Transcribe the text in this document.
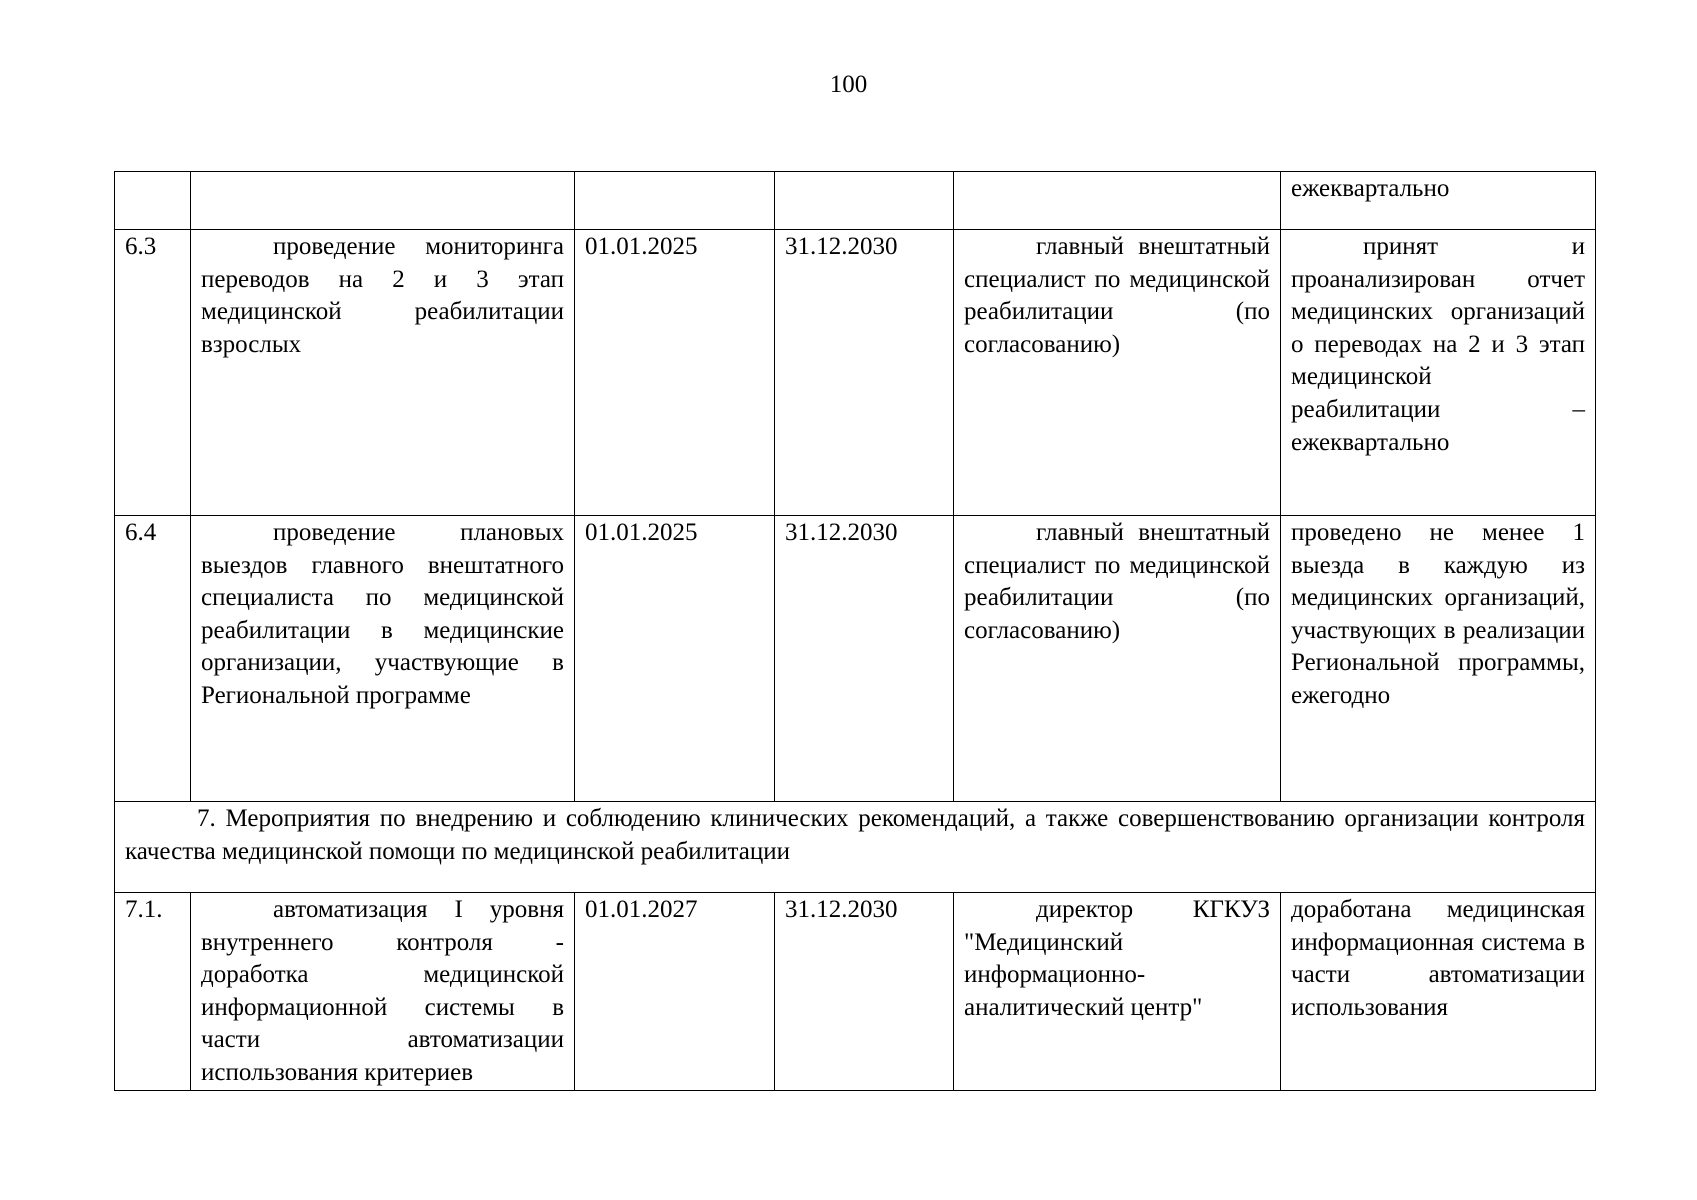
100
					ежеквартально
6.3	проведение мониторинга переводов на 2 и 3 этап медицинской реабилитации взрослых	01.01.2025	31.12.2030	главный внештатный специалист по медицинской реабилитации (по согласованию)	принят и проанализирован отчет медицинских организаций о переводах на 2 и 3 этап медицинской реабилитации – ежеквартально
6.4	проведение плановых выездов главного внештатного специалиста по медицинской реабилитации в медицинские организации, участвующие в Региональной программе	01.01.2025	31.12.2030	главный внештатный специалист по медицинской реабилитации (по согласованию)	проведено не менее 1 выезда в каждую из медицинских организаций, участвующих в реализации Региональной программы, ежегодно
7. Мероприятия по внедрению и соблюдению клинических рекомендаций, а также совершенствованию организации контроля качества медицинской помощи по медицинской реабилитации					
7.1.	автоматизация I уровня внутреннего контроля - доработка медицинской информационной системы в части автоматизации использования критериев	01.01.2027	31.12.2030	директор КГКУЗ "Медицинский информационно-аналитический центр"	доработана медицинская информационная система в части автоматизации использования
